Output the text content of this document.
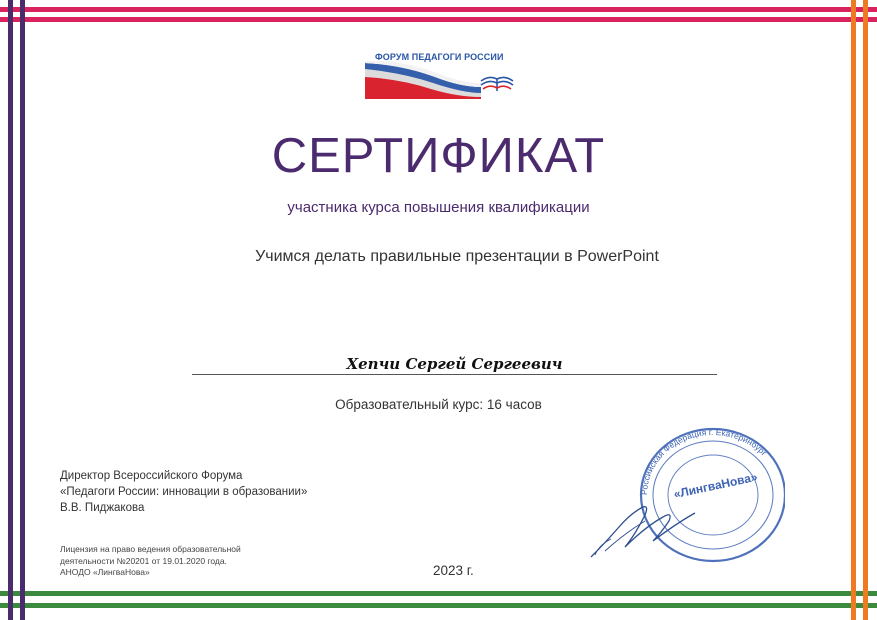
ФОРУМ ПЕДАГОГИ РОССИИ
СЕРТИФИКАТ
участника курса повышения квалификации
Учимся делать правильные презентации в PowerPoint
Хепчи Сергей Сергеевич
Образовательный курс: 16 часов
Директор Всероссийского Форума
«Педагоги России: инновации в образовании»
В.В. Пиджакова
Лицензия на право ведения образовательной
деятельности №20201 от 19.01.2020 года.
АНОДО «ЛингваНова»	2023 г.
Российская Федерация г. Екатеринбург
«ЛингваНова»
